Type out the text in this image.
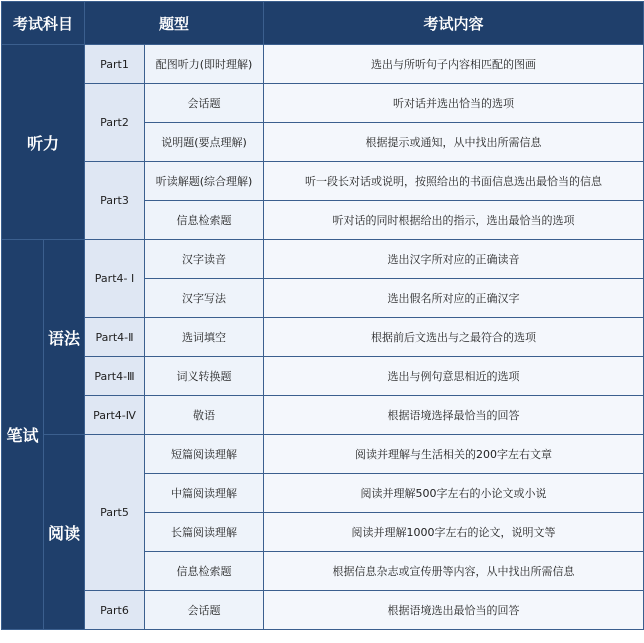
考试科目		题型		考试内容
听力		Part1	配图听力(即时理解)	选出与所听句子内容相匹配的图画
		Part2	会话题	听对话并选出恰当的选项
			说明题(要点理解)	根据提示或通知，从中找出所需信息
		Part3	听读解题(综合理解)	听一段长对话或说明，按照给出的书面信息选出最恰当的信息
			信息检索题	听对话的同时根据给出的指示，选出最恰当的选项
笔试	语法	Part4- Ⅰ	汉字读音	选出汉字所对应的正确读音
			汉字写法	选出假名所对应的正确汉字
		Part4-Ⅱ	选词填空	根据前后文选出与之最符合的选项
		Part4-Ⅲ	词义转换题	选出与例句意思相近的选项
		Part4-Ⅳ	敬语	根据语境选择最恰当的回答
	阅读	Part5	短篇阅读理解	阅读并理解与生活相关的200字左右文章
			中篇阅读理解	阅读并理解500字左右的小论文或小说
			长篇阅读理解	阅读并理解1000字左右的论文，说明文等
			信息检索题	根据信息杂志或宣传册等内容，从中找出所需信息
		Part6	会话题	根据语境选出最恰当的回答
